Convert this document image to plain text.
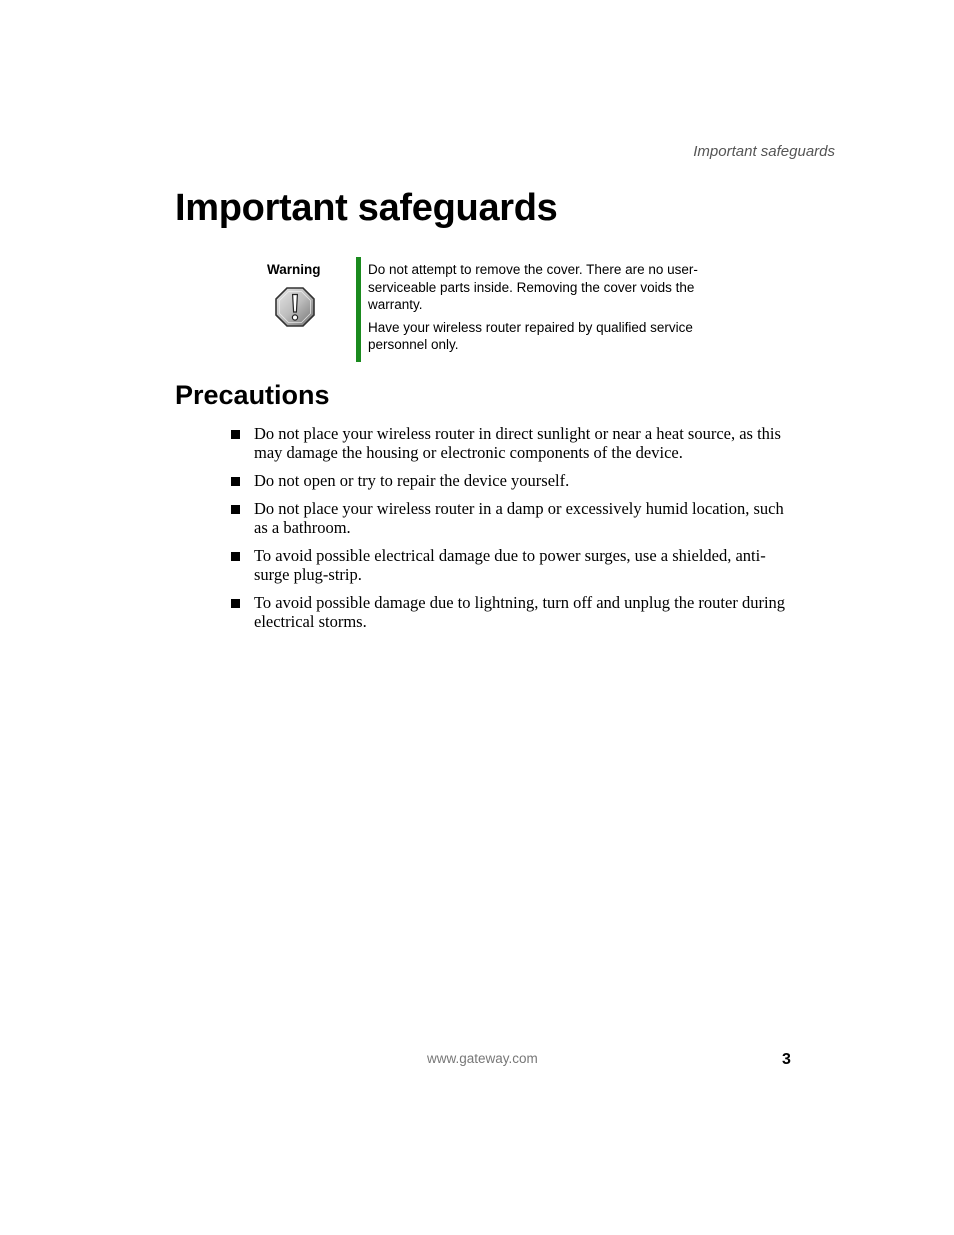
Important safeguards
Important safeguards
Warning	Do not attempt to remove the cover. There are no user-serviceable parts inside. Removing the cover voids the warranty.

Have your wireless router repaired by qualified service personnel only.

Precautions
Do not place your wireless router in direct sunlight or near a heat source, as this may damage the housing or electronic components of the device.
Do not open or try to repair the device yourself.
Do not place your wireless router in a damp or excessively humid location, such as a bathroom.
To avoid possible electrical damage due to power surges, use a shielded, anti-surge plug-strip.
To avoid possible damage due to lightning, turn off and unplug the router during electrical storms.
www.gateway.com	3
